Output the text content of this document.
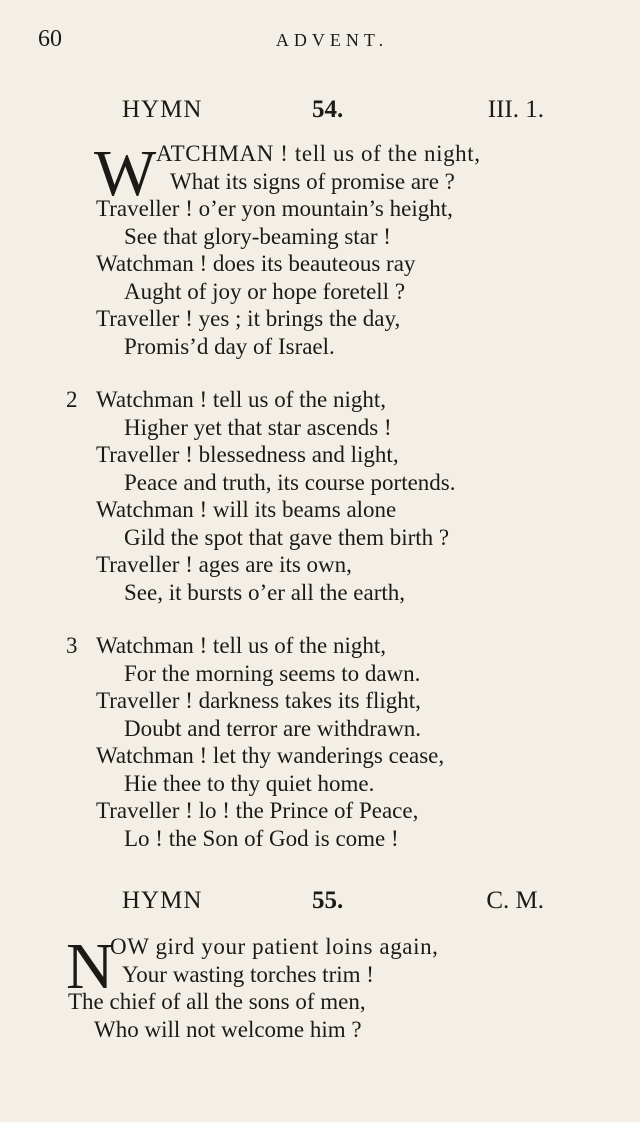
60	ADVENT.
HYMN	54.	III. 1.
W ATCHMAN ! tell us of the night,
What its signs of promise are ?
Traveller ! o’er yon mountain’s height,
See that glory-beaming star !
Watchman ! does its beauteous ray
Aught of joy or hope foretell ?
Traveller ! yes ; it brings the day,
Promis’d day of Israel.
2 Watchman ! tell us of the night,
Higher yet that star ascends !
Traveller ! blessedness and light,
Peace and truth, its course portends.
Watchman ! will its beams alone
Gild the spot that gave them birth ?
Traveller ! ages are its own,
See, it bursts o’er all the earth,
3 Watchman ! tell us of the night,
For the morning seems to dawn.
Traveller ! darkness takes its flight,
Doubt and terror are withdrawn.
Watchman ! let thy wanderings cease,
Hie thee to thy quiet home.
Traveller ! lo ! the Prince of Peace,
Lo ! the Son of God is come !
HYMN	55.	C. M.
N
OW gird your patient loins again,
Your wasting torches trim !
The chief of all the sons of men,
Who will not welcome him ?
